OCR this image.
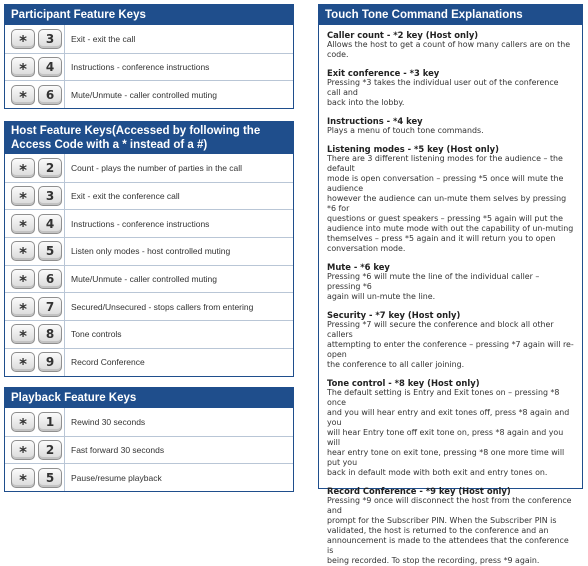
Participant Feature Keys
*	3	Exit - exit the call
*	4	Instructions - conference instructions
*	6	Mute/Unmute - caller controlled muting
Host Feature Keys(Accessed by following the Access Code with a * instead of a #)
*	2	Count - plays the number of parties in the call
*	3	Exit - exit the conference call
*	4	Instructions - conference instructions
*	5	Listen only modes - host controlled muting
*	6	Mute/Unmute - caller controlled muting
*	7	Secured/Unsecured - stops callers from entering
*	8	Tone controls
*	9	Record Conference
Playback Feature Keys
*	1	Rewind 30 seconds
*	2	Fast forward 30 seconds
*	5	Pause/resume playback
Touch Tone Command Explanations
Caller count - *2 key (Host only)
Allows the host to get a count of how many callers are on the code.
Exit conference - *3 key
Pressing *3 takes the individual user out of the conference call and
back into the lobby.
Instructions - *4 key
Plays a menu of touch tone commands.
Listening modes - *5 key (Host only)
There are 3 different listening modes for the audience – the default
mode is open conversation – pressing *5 once will mute the audience
however the audience can un-mute them selves by pressing *6 for
questions or guest speakers – pressing *5 again will put the
audience into mute mode with out the capability of un-muting
themselves – press *5 again and it will return you to open
conversation mode.
Mute - *6 key
Pressing *6 will mute the line of the individual caller – pressing *6
again will un-mute the line.
Security - *7 key (Host only)
Pressing *7 will secure the conference and block all other callers
attempting to enter the conference – pressing *7 again will re-open
the conference to all caller joining.
Tone control - *8 key (Host only)
The default setting is Entry and Exit tones on – pressing *8 once
and you will hear entry and exit tones off, press *8 again and you
will hear Entry tone off exit tone on, press *8 again and you will
hear entry tone on exit tone, pressing *8 one more time will put you
back in default mode with both exit and entry tones on.
Record Conference - *9 key (Host only)
Pressing *9 once will disconnect the host from the conference and
prompt for the Subscriber PIN. When the Subscriber PIN is
validated, the host is returned to the conference and an
announcement is made to the attendees that the conference is
being recorded. To stop the recording, press *9 again.
